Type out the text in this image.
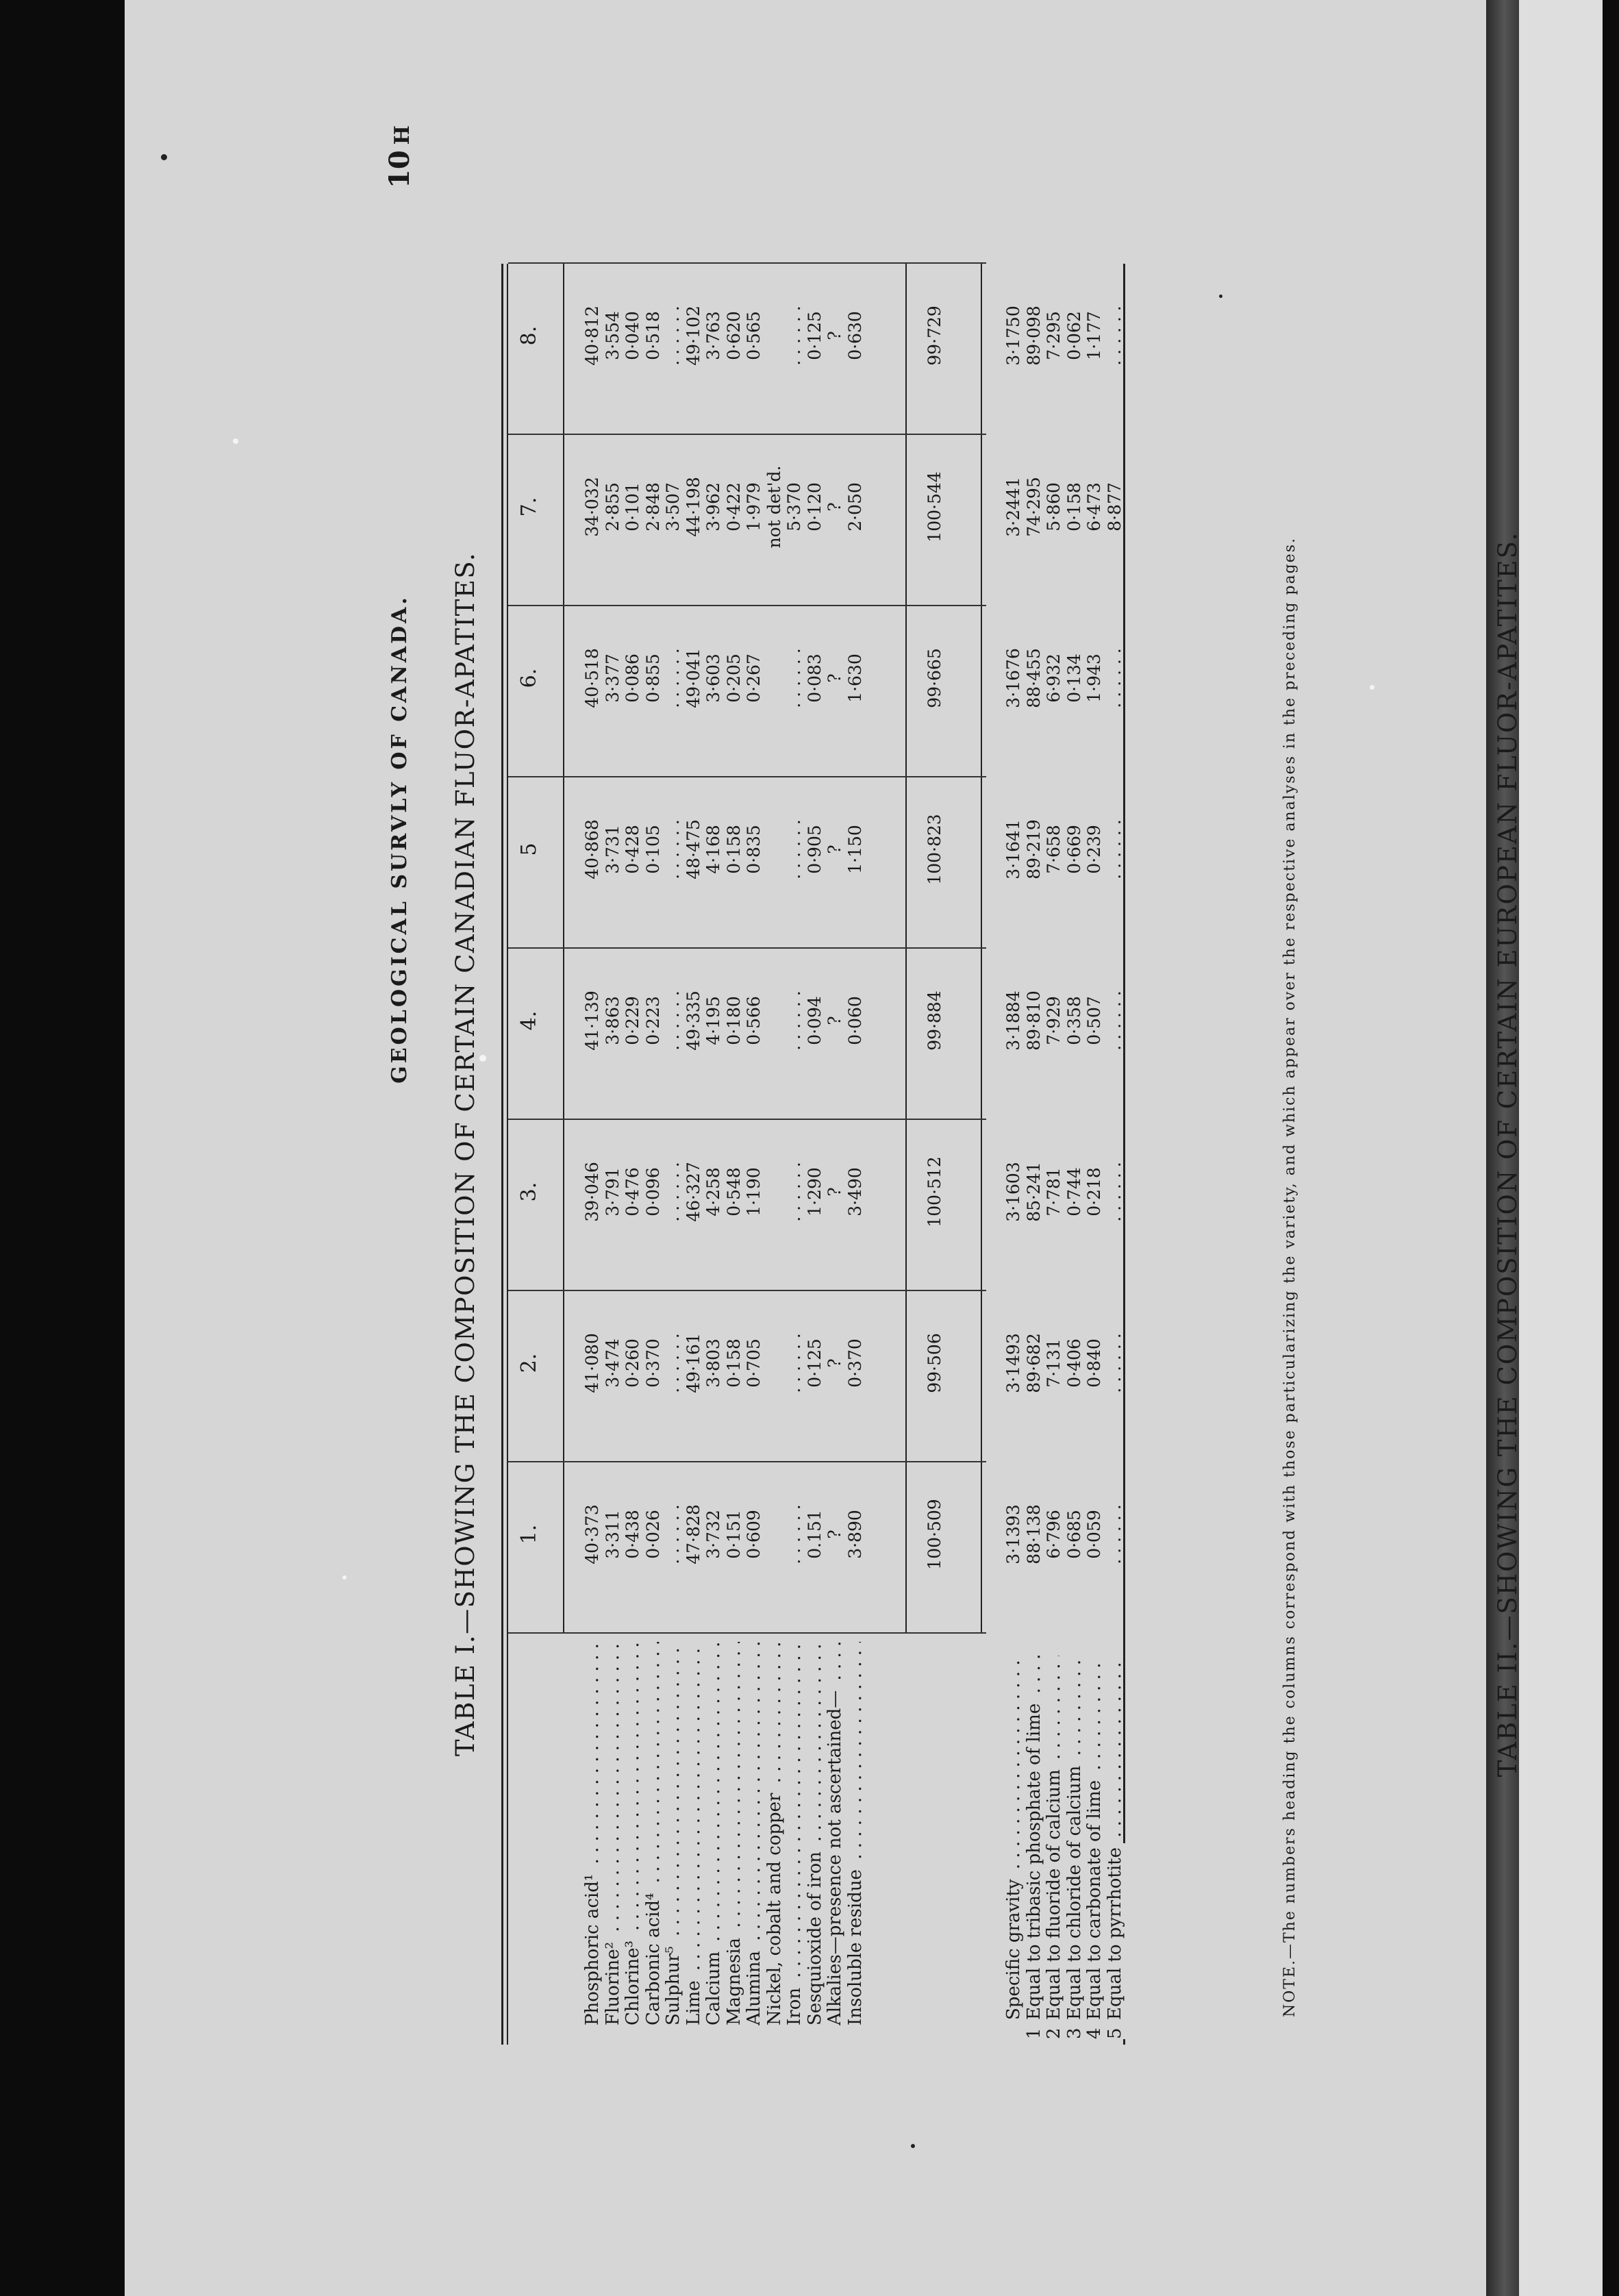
10H
GEOLOGICAL SURVLY OF CANADA. TABLE I.—SHOWING THE COMPOSITION OF CERTAIN CANADIAN FLUOR-APATITES. 1.
2.
3.
4.
5
6.
7.
8.
Phosphoric acid¹ . . .
40·373
41·080
39·046
41·139
40·868
40·518
34·032
40·812
Fluorine² . . .
3·311
3·474
3·791
3·863
3·731
3·377
2·855
3·554
Chlorine³ . . .
0·438
0·260
0·476
0·229
0·428
0·086
0·101
0·040
Carbonic acid⁴ . . .
0·026
0·370
0·096
0·223
0·105
0·855
2·848
0·518
Sulphur⁵ . . .
. . . . . .
. . . . . .
. . . . . .
. . . . . .
. . . . . .
. . . . . .
3·507
. . . . . .
Lime . . .
47·828
49·161
46·327
49·335
48·475
49·041
44·198
49·102
Calcium . . .
3·732
3·803
4·258
4·195
4·168
3·603
3·962
3·763
Magnesia . . .
0·151
0·158
0·548
0·180
0·158
0·205
0·422
0·620
Alumina . . .
0·609
0·705
1·190
0·566
0·835
0·267
1·979
0·565
Nickel, cobalt and copper . . .
not det'd.
Iron . . .
. . . . . .
. . . . . .
. . . . . .
. . . . . .
. . . . . .
. . . . . .
5·370
. . . . . .
Sesquioxide of iron . . .
0.151
0·125
1·290
0·094
0·905
0·083
0·120
0·125
Alkalies—presence not ascertained— . . .
?
?
?
?
?
?
?
?
Insoluble residue . . .
3·890
0·370
3·490
0·060
1·150
1·630
2·050
0·630
100·509
99·506
100·512
99·884
100·823
99·665
100·544
99·729
Specific gravity . . .
3·1393
3·1493
3·1603
3·1884
3·1641
3·1676
3·2441
3·1750
1Equal to tribasic phosphate of lime . . .
88·138
89·682
85·241
89·810
89·219
88·455
74·295
89·098
2Equal to fluoride of calcium . . .
6·796
7·131
7·781
7·929
7·658
6·932
5·860
7·295
3Equal to chloride of calcium . . .
0·685
0·406
0·744
0·358
0·669
0·134
0·158
0·062
4Equal to carbonate of lime . . .
0·059
0·840
0·218
0·507
0·239
1·943
6·473
1·177
5Equal to pyrrhotite . . .
. . . . . .
. . . . . .
. . . . . .
. . . . . .
. . . . . .
. . . . . .
8·877
. . . . . .
NOTE.—The numbers heading the columns correspond with those particularizing the variety, and which appear over the respective analyses in the preceding pages.	TABLE II.—SHOWING THE COMPOSITION OF CERTAIN EUROPEAN FLUOR-APATITES.
